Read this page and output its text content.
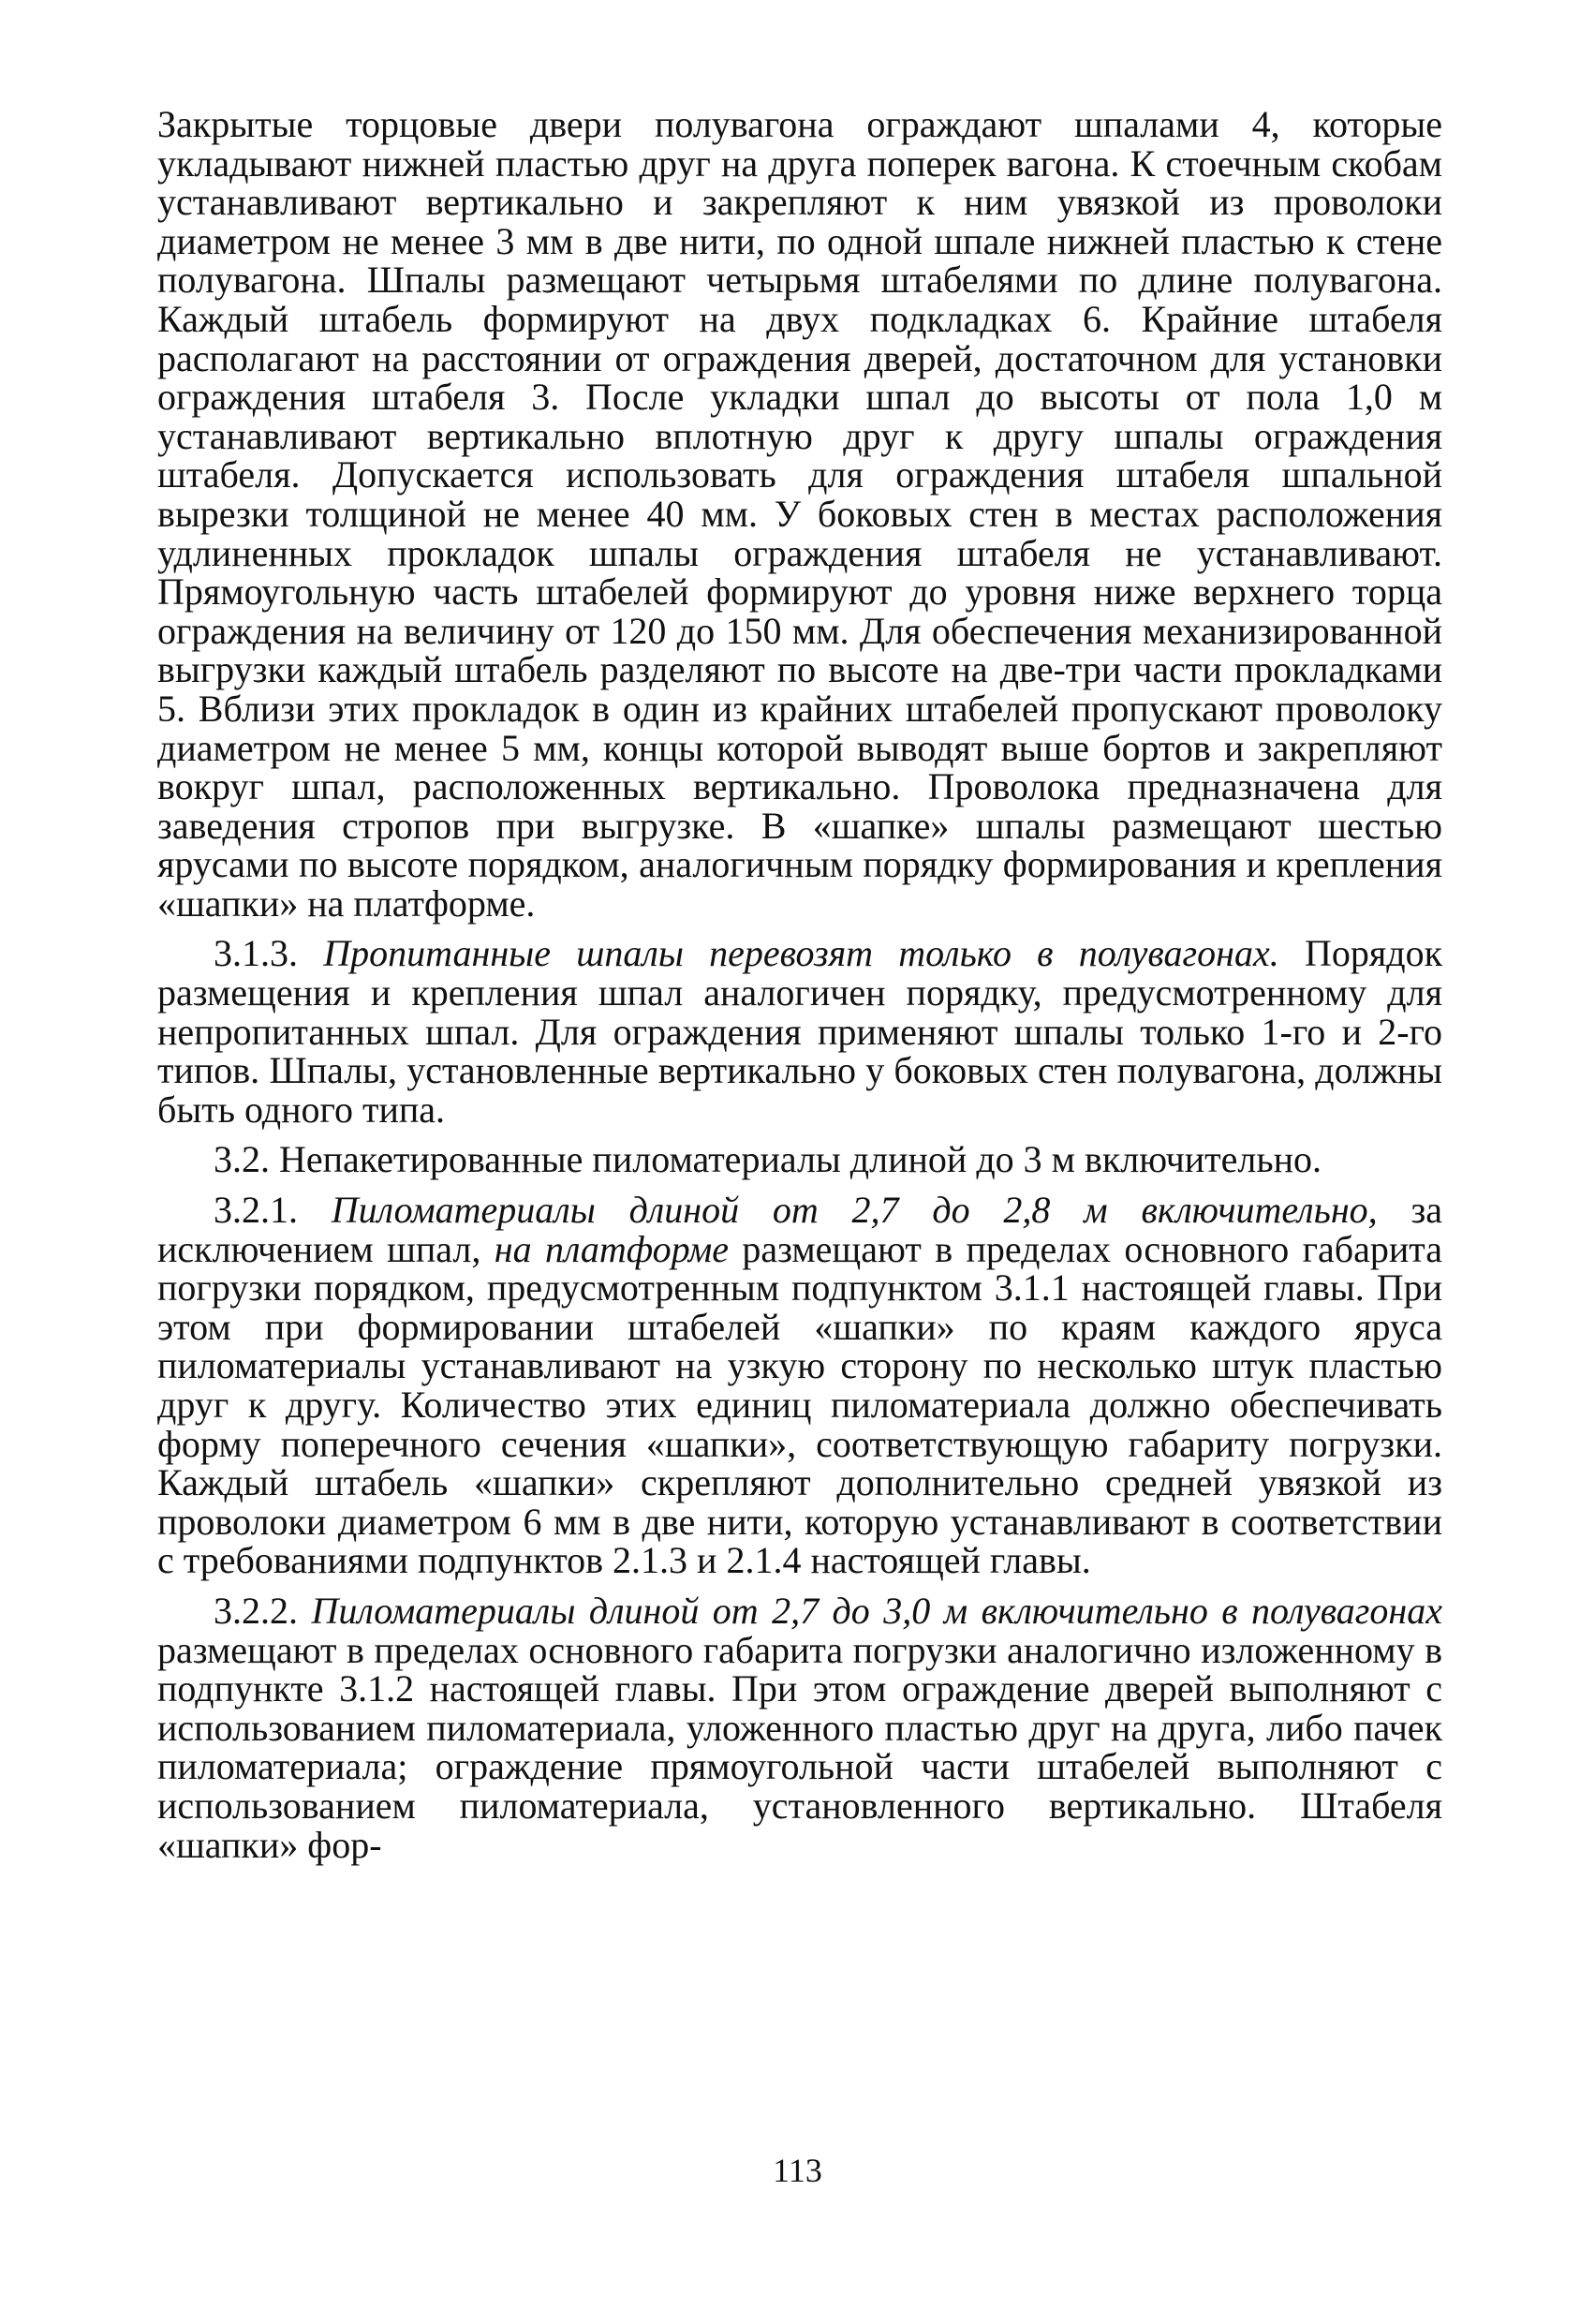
Закрытые торцовые двери полувагона ограждают шпалами 4, которые укладывают нижней пластью друг на друга поперек вагона. К стоечным скобам устанавливают вертикально и закрепляют к ним увязкой из проволоки диаметром не менее 3 мм в две нити, по одной шпале нижней пластью к стене полувагона. Шпалы размещают четырьмя штабелями по длине полувагона. Каждый штабель формируют на двух подкладках 6. Крайние штабеля располагают на расстоянии от ограждения дверей, достаточном для установки ограждения штабеля 3. После укладки шпал до высоты от пола 1,0 м устанавливают вертикально вплотную друг к другу шпалы ограждения штабеля. Допускается использовать для ограждения штабеля шпальной вырезки толщиной не менее 40 мм. У боковых стен в местах расположения удлиненных прокладок шпалы ограждения штабеля не устанавливают. Прямоугольную часть штабелей формируют до уровня ниже верхнего торца ограждения на величину от 120 до 150 мм. Для обеспечения механизированной выгрузки каждый штабель разделяют по высоте на две-три части прокладками 5. Вблизи этих прокладок в один из крайних штабелей пропускают проволоку диаметром не менее 5 мм, концы которой выводят выше бортов и закрепляют вокруг шпал, расположенных вертикально. Проволока предназначена для заведения стропов при выгрузке. В «шапке» шпалы размещают шестью ярусами по высоте порядком, аналогичным порядку формирования и крепления «шапки» на платформе.

3.1.3. Пропитанные шпалы перевозят только в полувагонах. Порядок размещения и крепления шпал аналогичен порядку, предусмотренному для непропитанных шпал. Для ограждения применяют шпалы только 1-го и 2-го типов. Шпалы, установленные вертикально у боковых стен полувагона, должны быть одного типа.

3.2. Непакетированные пиломатериалы длиной до 3 м включительно.

3.2.1. Пиломатериалы длиной от 2,7 до 2,8 м включительно, за исключением шпал, на платформе размещают в пределах основного габарита погрузки порядком, предусмотренным подпунктом 3.1.1 настоящей главы. При этом при формировании штабелей «шапки» по краям каждого яруса пиломатериалы устанавливают на узкую сторону по несколько штук пластью друг к другу. Количество этих единиц пиломатериала должно обеспечивать форму поперечного сечения «шапки», соответствующую габариту погрузки. Каждый штабель «шапки» скрепляют дополнительно средней увязкой из проволоки диаметром 6 мм в две нити, которую устанавливают в соответствии с требованиями подпунктов 2.1.3 и 2.1.4 настоящей главы.

3.2.2. Пиломатериалы длиной от 2,7 до 3,0 м включительно в полувагонах размещают в пределах основного габарита погрузки аналогично изложенному в подпункте 3.1.2 настоящей главы. При этом ограждение дверей выполняют с использованием пиломатериала, уложенного пластью друг на друга, либо пачек пиломатериала; ограждение прямоугольной части штабелей выполняют с использованием пиломатериала, установленного вертикально. Штабеля «шапки» фор-

113
